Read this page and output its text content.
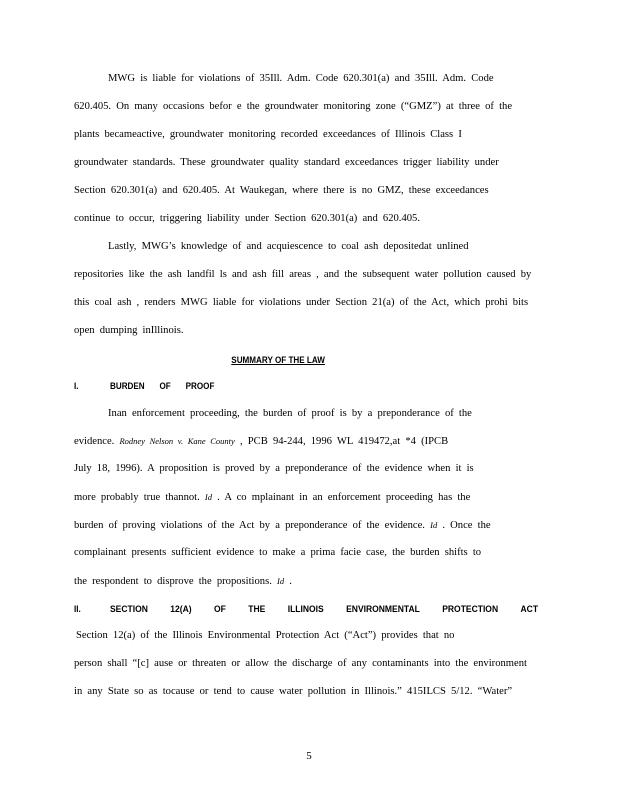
MWG is liable for violations of 35Ill. Adm. Code 620.301(a) and 35Ill. Adm. Code
620.405. On many occasions befor e the groundwater monitoring zone (“GMZ”) at three of the
plants becameactive, groundwater monitoring recorded exceedances of Illinois Class I
groundwater standards. These groundwater quality standard exceedances trigger liability under
Section 620.301(a) and 620.405. At Waukegan, where there is no GMZ, these exceedances
continue to occur, triggering liability under Section 620.301(a) and 620.405.
Lastly, MWG’s knowledge of and acquiescence to coal ash depositedat unlined
repositories like the ash landfil ls and ash fill areas , and the subsequent water pollution caused by
this coal ash , renders MWG liable for violations under Section 21(a) of the Act, which prohi bits
open dumping inIllinois.
SUMMARY OF THE LAW
I.	BURDEN OF PROOF
Inan enforcement proceeding, the burden of proof is by a preponderance of the
evidence. Rodney Nelson v. Kane County , PCB 94-244, 1996 WL 419472,at *4 (IPCB
July 18, 1996). A proposition is proved by a preponderance of the evidence when it is
more probably true thannot. Id . A co mplainant in an enforcement proceeding has the
burden of proving violations of the Act by a preponderance of the evidence. Id . Once the
complainant presents sufficient evidence to make a prima facie case, the burden shifts to
the respondent to disprove the propositions. Id .
II.	SECTION 12(A) OF THE ILLINOIS ENVIRONMENTAL PROTECTION ACT
Section 12(a) of the Illinois Environmental Protection Act (“Act”) provides that no
person shall “[c] ause or threaten or allow the discharge of any contaminants into the environment
in any State so as tocause or tend to cause water pollution in Illinois.” 415ILCS 5/12. “Water”
5
